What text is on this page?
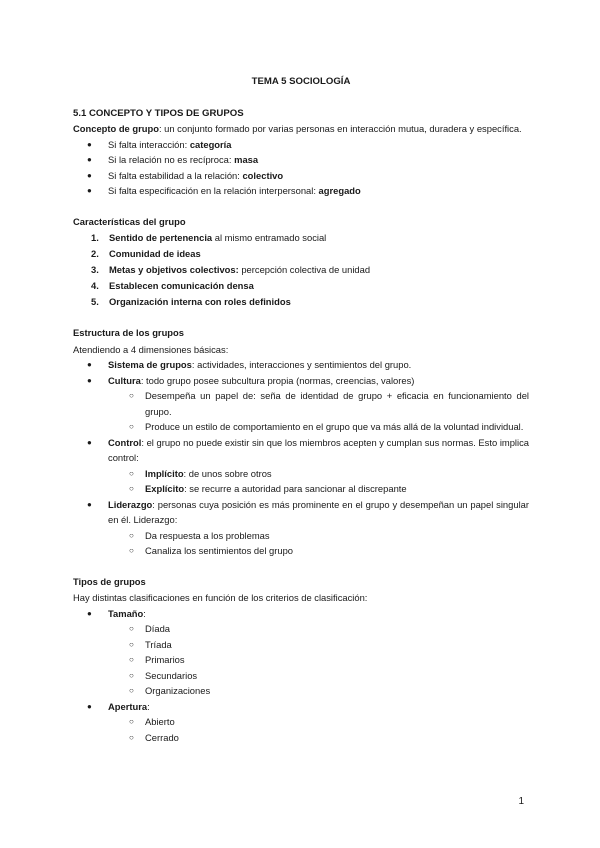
TEMA 5 SOCIOLOGÍA
5.1 CONCEPTO Y TIPOS DE GRUPOS
Concepto de grupo: un conjunto formado por varias personas en interacción mutua, duradera y específica.
●	Si falta interacción: categoría
●	Si la relación no es recíproca: masa
●	Si falta estabilidad a la relación: colectivo
●	Si falta especificación en la relación interpersonal: agregado
Características del grupo
1. Sentido de pertenencia al mismo entramado social
2. Comunidad de ideas
3. Metas y objetivos colectivos: percepción colectiva de unidad
4. Establecen comunicación densa
5. Organización interna con roles definidos
Estructura de los grupos
Atendiendo a 4 dimensiones básicas:
●	Sistema de grupos: actividades, interacciones y sentimientos del grupo.
●	Cultura: todo grupo posee subcultura propia (normas, creencias, valores)
○ Desempeña un papel de: seña de identidad de grupo + eficacia en funcionamiento del grupo.
○ Produce un estilo de comportamiento en el grupo que va más allá de la voluntad individual.
●	Control: el grupo no puede existir sin que los miembros acepten y cumplan sus normas. Esto implica control:
○ Implícito: de unos sobre otros
○ Explícito: se recurre a autoridad para sancionar al discrepante
●	Liderazgo: personas cuya posición es más prominente en el grupo y desempeñan un papel singular en él. Liderazgo:
○ Da respuesta a los problemas
○ Canaliza los sentimientos del grupo
Tipos de grupos
Hay distintas clasificaciones en función de los criterios de clasificación:
●	Tamaño:
○ Díada
○ Tríada
○ Primarios
○ Secundarios
○ Organizaciones
●	Apertura:
○ Abierto
○ Cerrado
1
